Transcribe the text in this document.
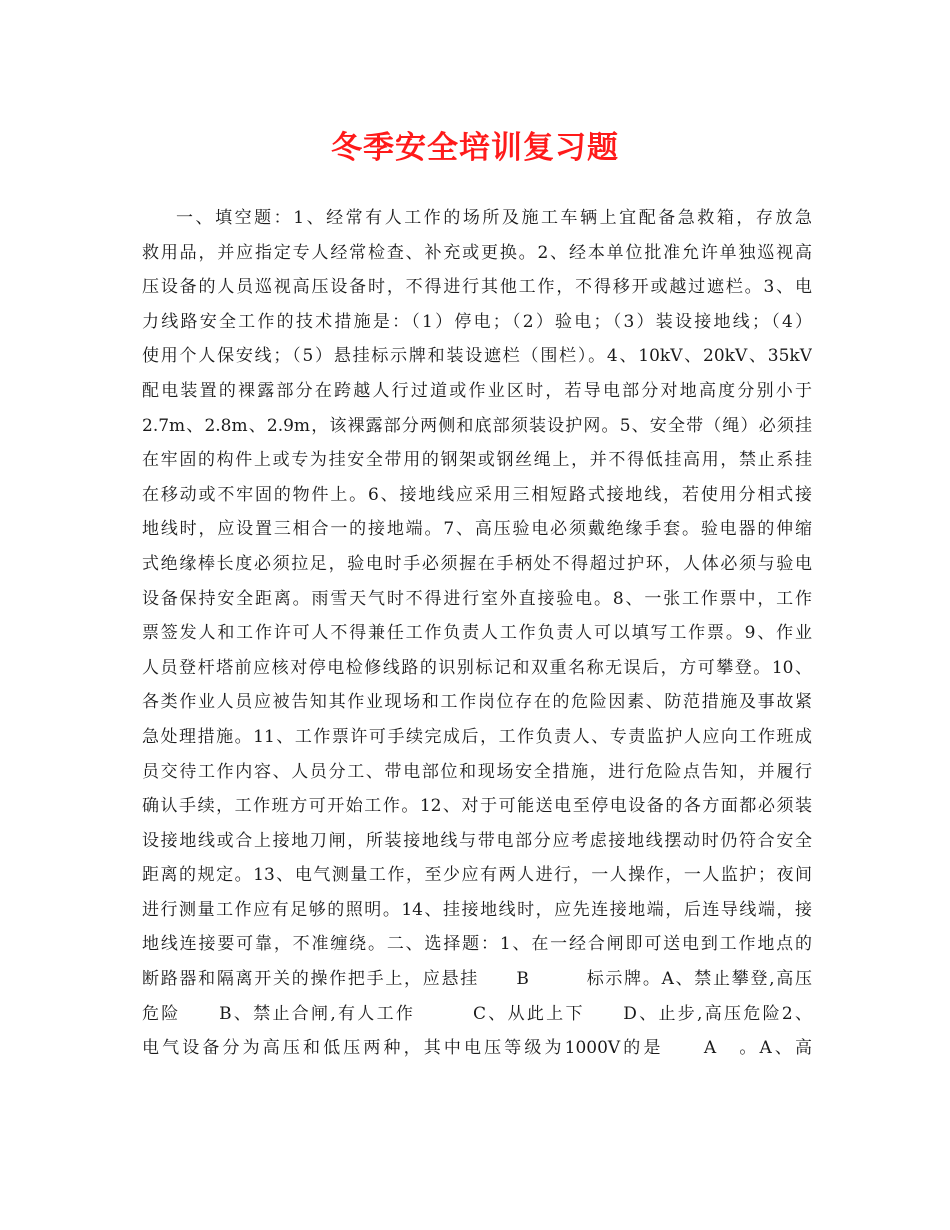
冬季安全培训复习题
一、填空题：1、经常有人工作的场所及施工车辆上宜配备急救箱，存放急
救用品，并应指定专人经常检查、补充或更换。2、经本单位批准允许单独巡视高
压设备的人员巡视高压设备时，不得进行其他工作，不得移开或越过遮栏。3、电
力线路安全工作的技术措施是：（1）停电；（2）验电；（3）装设接地线；（4）
使用个人保安线；（5）悬挂标示牌和装设遮栏（围栏）。4、10kV、20kV、35kV
配电装置的裸露部分在跨越人行过道或作业区时，若导电部分对地高度分别小于
2.7m、2.8m、2.9m，该裸露部分两侧和底部须装设护网。5、安全带（绳）必须挂
在牢固的构件上或专为挂安全带用的钢架或钢丝绳上，并不得低挂高用，禁止系挂
在移动或不牢固的物件上。6、接地线应采用三相短路式接地线，若使用分相式接
地线时，应设置三相合一的接地端。7、高压验电必须戴绝缘手套。验电器的伸缩
式绝缘棒长度必须拉足，验电时手必须握在手柄处不得超过护环，人体必须与验电
设备保持安全距离。雨雪天气时不得进行室外直接验电。8、一张工作票中，工作
票签发人和工作许可人不得兼任工作负责人工作负责人可以填写工作票。9、作业
人员登杆塔前应核对停电检修线路的识别标记和双重名称无误后，方可攀登。10、
各类作业人员应被告知其作业现场和工作岗位存在的危险因素、防范措施及事故紧
急处理措施。11、工作票许可手续完成后，工作负责人、专责监护人应向工作班成
员交待工作内容、人员分工、带电部位和现场安全措施，进行危险点告知，并履行
确认手续，工作班方可开始工作。12、对于可能送电至停电设备的各方面都必须装
设接地线或合上接地刀闸，所装接地线与带电部分应考虑接地线摆动时仍符合安全
距离的规定。13、电气测量工作，至少应有两人进行，一人操作，一人监护；夜间
进行测量工作应有足够的照明。14、挂接地线时，应先连接地端，后连导线端，接
地线连接要可靠，不准缠绕。二、选择题：1、在一经合闸即可送电到工作地点的
断路器和隔离开关的操作把手上，应悬挂　　B　　　标示牌。A、禁止攀登,高压
危险　　B、禁止合闸,有人工作　　　C、从此上下　　D、止步,高压危险2、
电气设备分为高压和低压两种，其中电压等级为1000V的是　　A　。A、高
